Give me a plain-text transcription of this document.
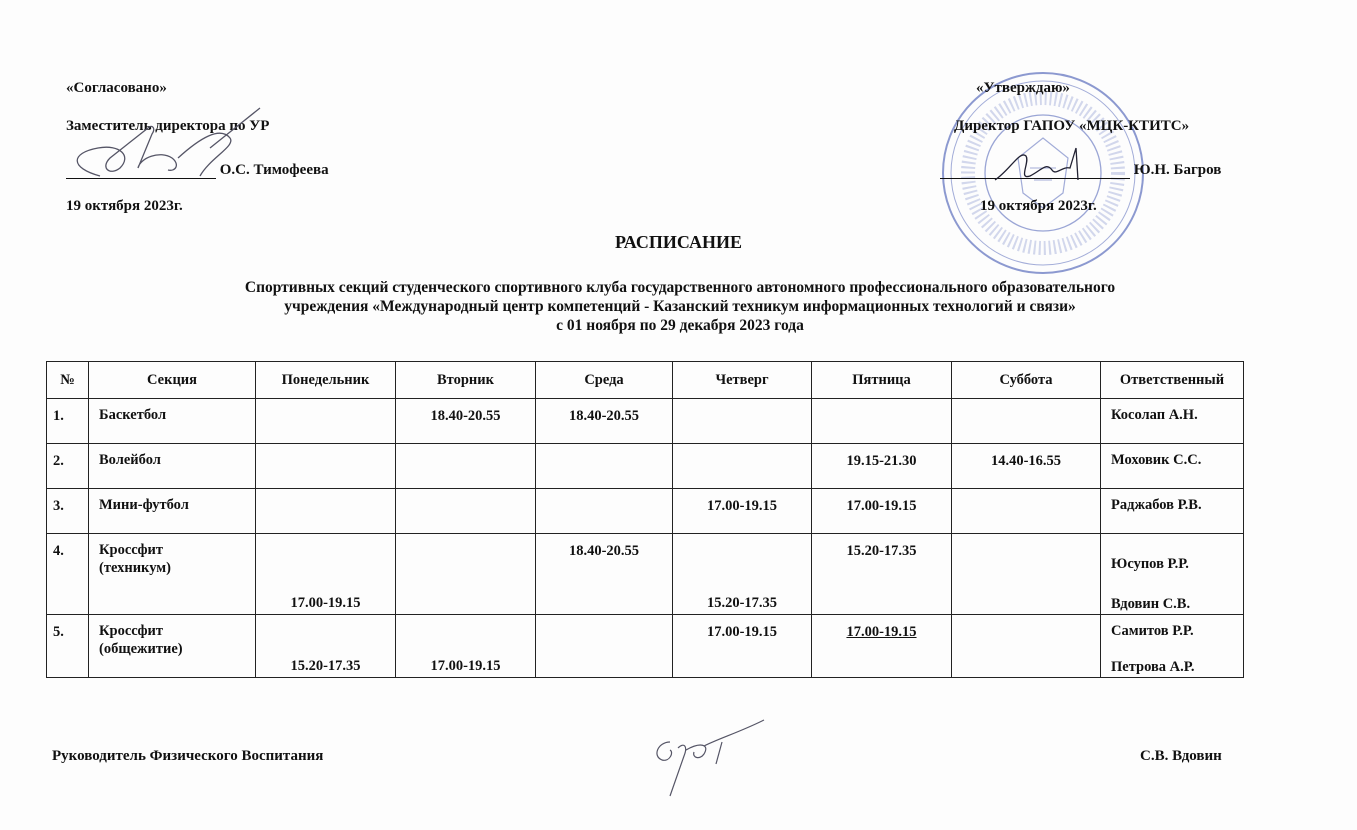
«Согласовано»
Заместитель директора по УР
О.С. Тимофеева
19 октября 2023г.
«Утверждаю»
Директор ГАПОУ «МЦК-КТИТС»
Ю.Н. Багров
19 октября 2023г.
РАСПИСАНИЕ
Спортивных секций студенческого спортивного клуба государственного автономного профессионального образовательного
учреждения «Международный центр компетенций - Казанский техникум информационных технологий и связи»
с 01 ноября по 29 декабря 2023 года
№	Секция	Понедельник	Вторник	Среда	Четверг	Пятница	Суббота	Ответственный

1.	Баскетбол		18.40-20.55	18.40-20.55				Косолап А.Н.

2.	Волейбол					19.15-21.30	14.40-16.55	Моховик С.С.

3.	Мини-футбол				17.00-19.15	17.00-19.15		Раджабов Р.В.

4.	Кроссфит
(техникум)	17.00-19.15		18.40-20.55	15.20-17.35	15.20-17.35		Юсупов Р.Р.
Вдовин С.В.

5.	Кроссфит
(общежитие)	15.20-17.35	17.00-19.15		17.00-19.15	17.00-19.15		Самитов Р.Р.
Петрова А.Р.
Руководитель Физического Воспитания	С.В. Вдовин
